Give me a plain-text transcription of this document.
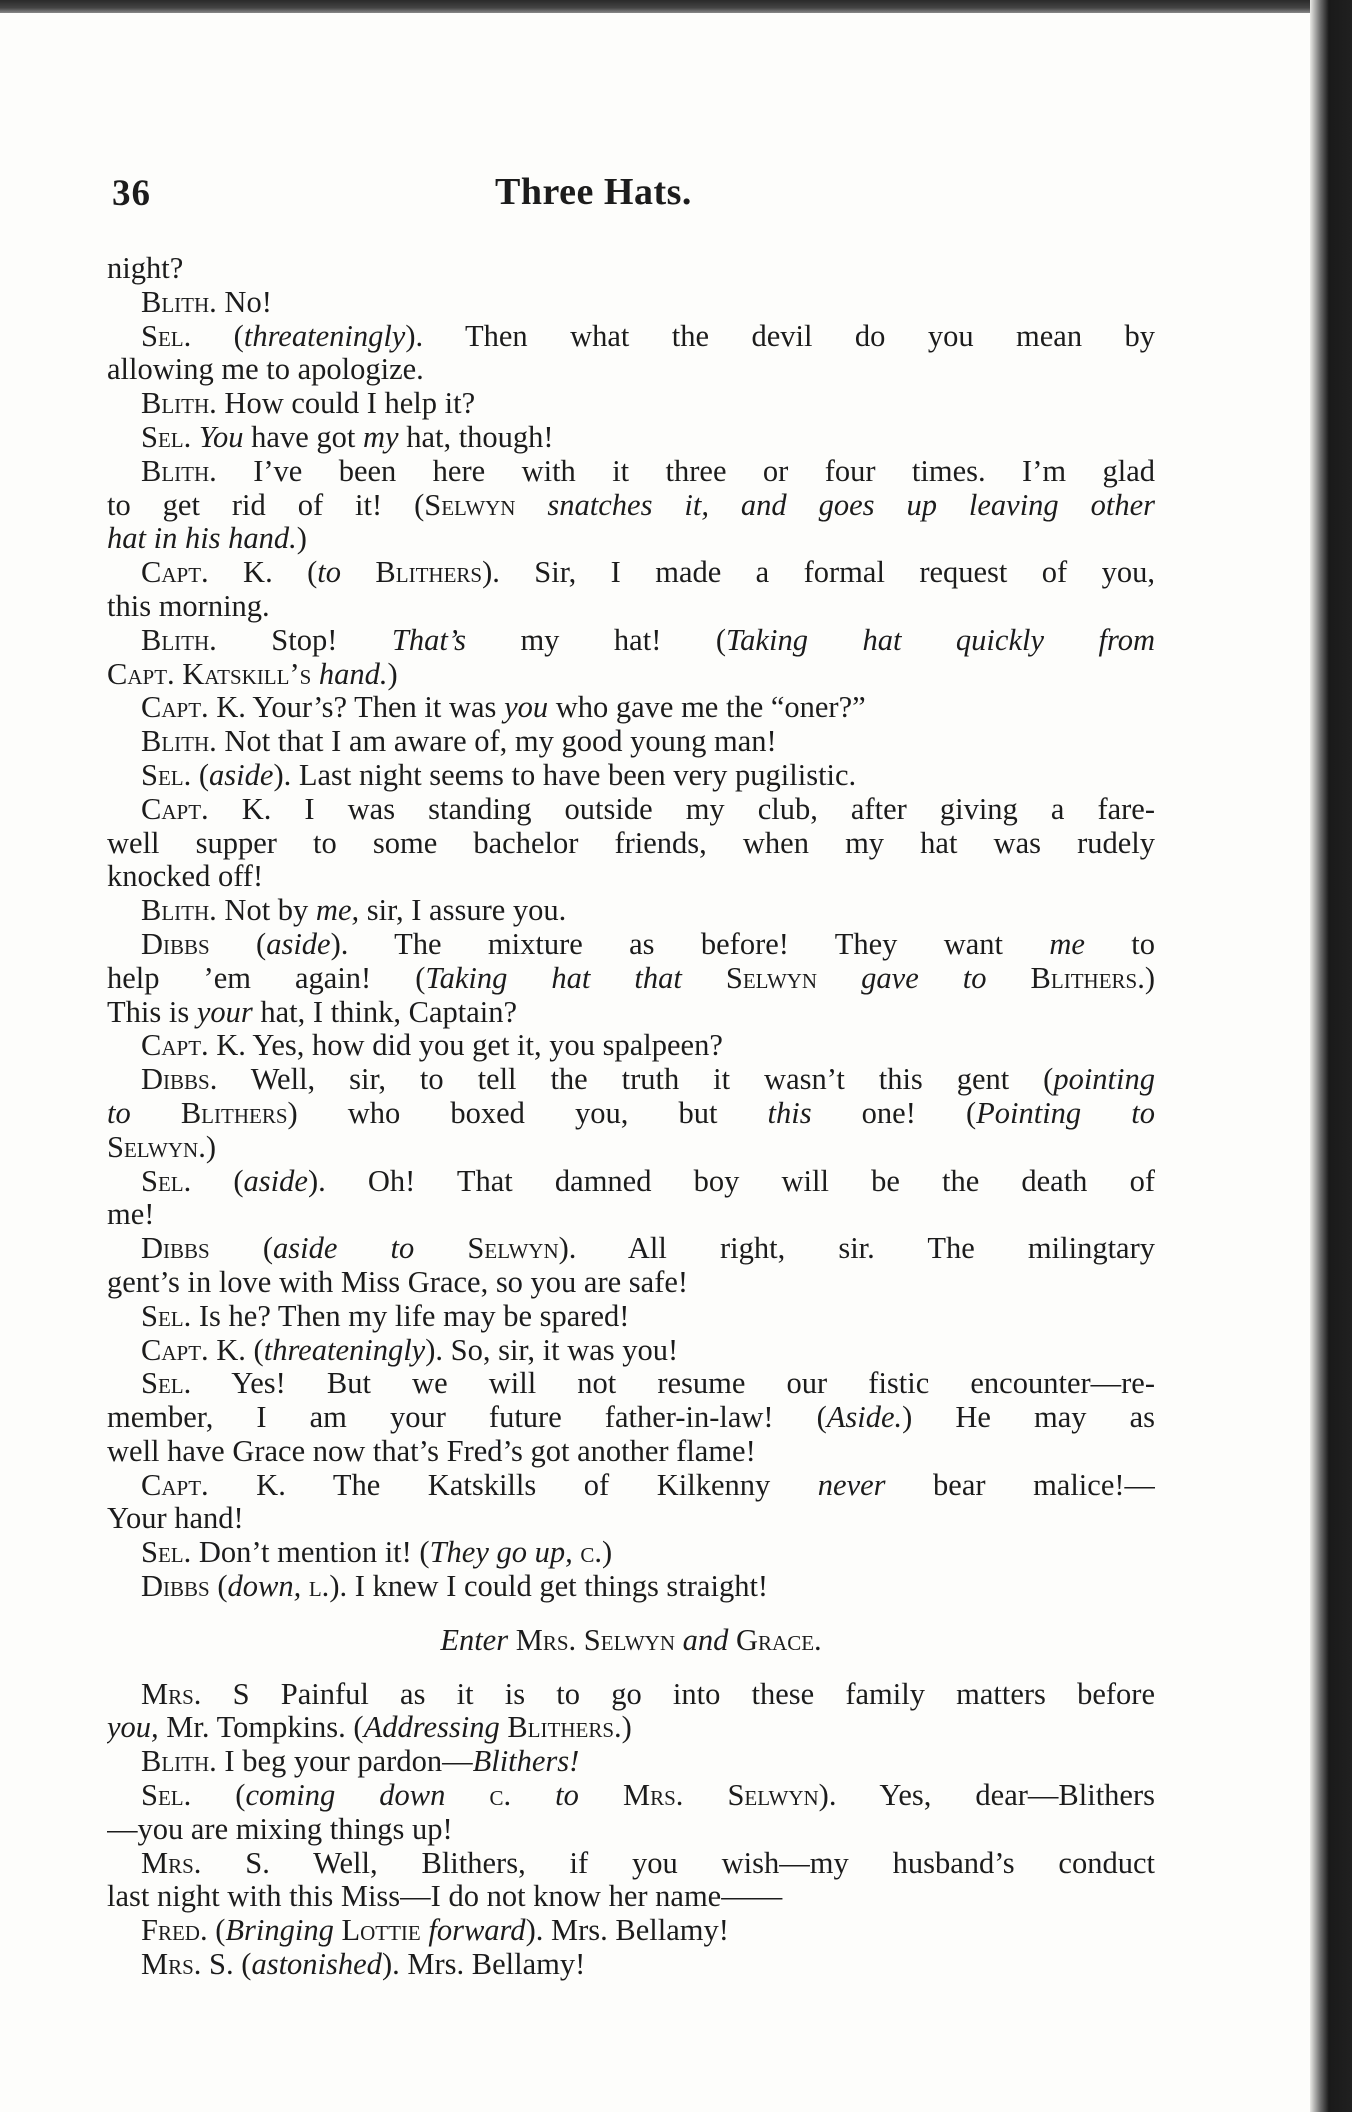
36	Three Hats.
night?
Blith. No!
Sel. (threateningly). Then what the devil do you mean by
allowing me to apologize.
Blith. How could I help it?
Sel. You have got my hat, though!
Blith. I’ve been here with it three or four times. I’m glad
to get rid of it! (Selwyn snatches it, and goes up leaving other
hat in his hand.)
Capt. K. (to Blithers). Sir, I made a formal request of you,
this morning.
Blith. Stop! That’s my hat! (Taking hat quickly from
Capt. Katskill’s hand.)
Capt. K. Your’s? Then it was you who gave me the “oner?”
Blith. Not that I am aware of, my good young man!
Sel. (aside). Last night seems to have been very pugilistic.
Capt. K. I was standing outside my club, after giving a fare-
well supper to some bachelor friends, when my hat was rudely
knocked off!
Blith. Not by me, sir, I assure you.
Dibbs (aside). The mixture as before! They want me to
help ’em again! (Taking hat that Selwyn gave to Blithers.)
This is your hat, I think, Captain?
Capt. K. Yes, how did you get it, you spalpeen?
Dibbs. Well, sir, to tell the truth it wasn’t this gent (pointing
to Blithers) who boxed you, but this one! (Pointing to
Selwyn.)
Sel. (aside). Oh! That damned boy will be the death of
me!
Dibbs (aside to Selwyn). All right, sir. The milingtary
gent’s in love with Miss Grace, so you are safe!
Sel. Is he? Then my life may be spared!
Capt. K. (threateningly). So, sir, it was you!
Sel. Yes! But we will not resume our fistic encounter—re-
member, I am your future father-in-law! (Aside.) He may as
well have Grace now that’s Fred’s got another flame!
Capt. K. The Katskills of Kilkenny never bear malice!—
Your hand!
Sel. Don’t mention it! (They go up, c.)
Dibbs (down, l.). I knew I could get things straight!
Enter Mrs. Selwyn and Grace.
Mrs. S Painful as it is to go into these family matters before
you, Mr. Tompkins. (Addressing Blithers.)
Blith. I beg your pardon—Blithers!
Sel. (coming down c. to Mrs. Selwyn). Yes, dear—Blithers
—you are mixing things up!
Mrs. S. Well, Blithers, if you wish—my husband’s conduct
last night with this Miss—I do not know her name——
Fred. (Bringing Lottie forward). Mrs. Bellamy!
Mrs. S. (astonished). Mrs. Bellamy!
